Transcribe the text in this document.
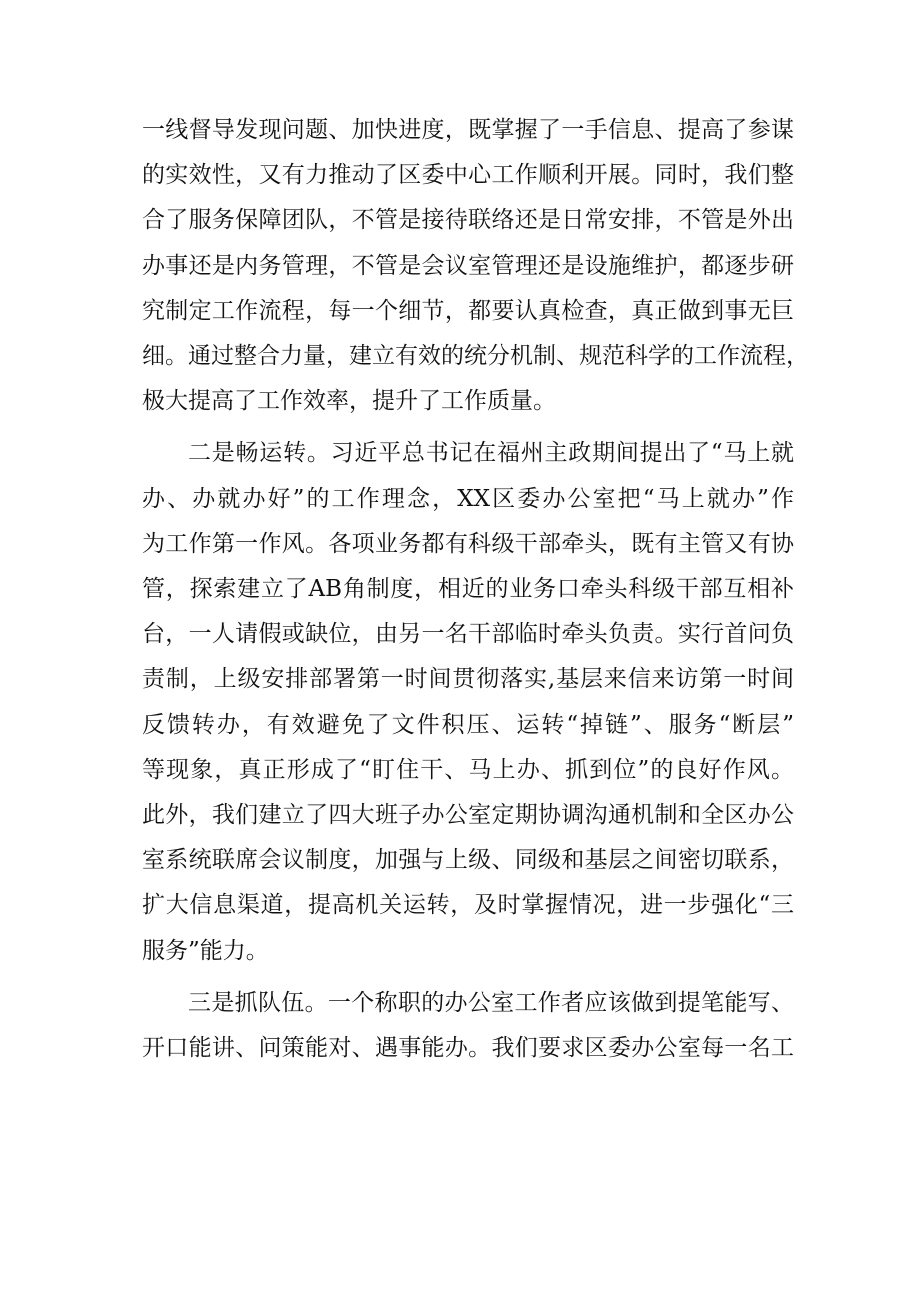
一线督导发现问题、加快进度，既掌握了一手信息、提高了参谋
的实效性，又有力推动了区委中心工作顺利开展。同时，我们整
合了服务保障团队，不管是接待联络还是日常安排，不管是外出
办事还是内务管理，不管是会议室管理还是设施维护，都逐步研
究制定工作流程，每一个细节，都要认真检查，真正做到事无巨
细。通过整合力量，建立有效的统分机制、规范科学的工作流程，
极大提高了工作效率，提升了工作质量。
二是畅运转。习近平总书记在福州主政期间提出了“马上就
办、办就办好”的工作理念，XX区委办公室把“马上就办”作
为工作第一作风。各项业务都有科级干部牵头，既有主管又有协
管，探索建立了AB角制度，相近的业务口牵头科级干部互相补
台，一人请假或缺位，由另一名干部临时牵头负责。实行首问负
责制，上级安排部署第一时间贯彻落实,基层来信来访第一时间
反馈转办，有效避免了文件积压、运转“掉链”、服务“断层”
等现象，真正形成了“盯住干、马上办、抓到位”的良好作风。
此外，我们建立了四大班子办公室定期协调沟通机制和全区办公
室系统联席会议制度，加强与上级、同级和基层之间密切联系，
扩大信息渠道，提高机关运转，及时掌握情况，进一步强化“三
服务”能力。
三是抓队伍。一个称职的办公室工作者应该做到提笔能写、
开口能讲、问策能对、遇事能办。我们要求区委办公室每一名工
